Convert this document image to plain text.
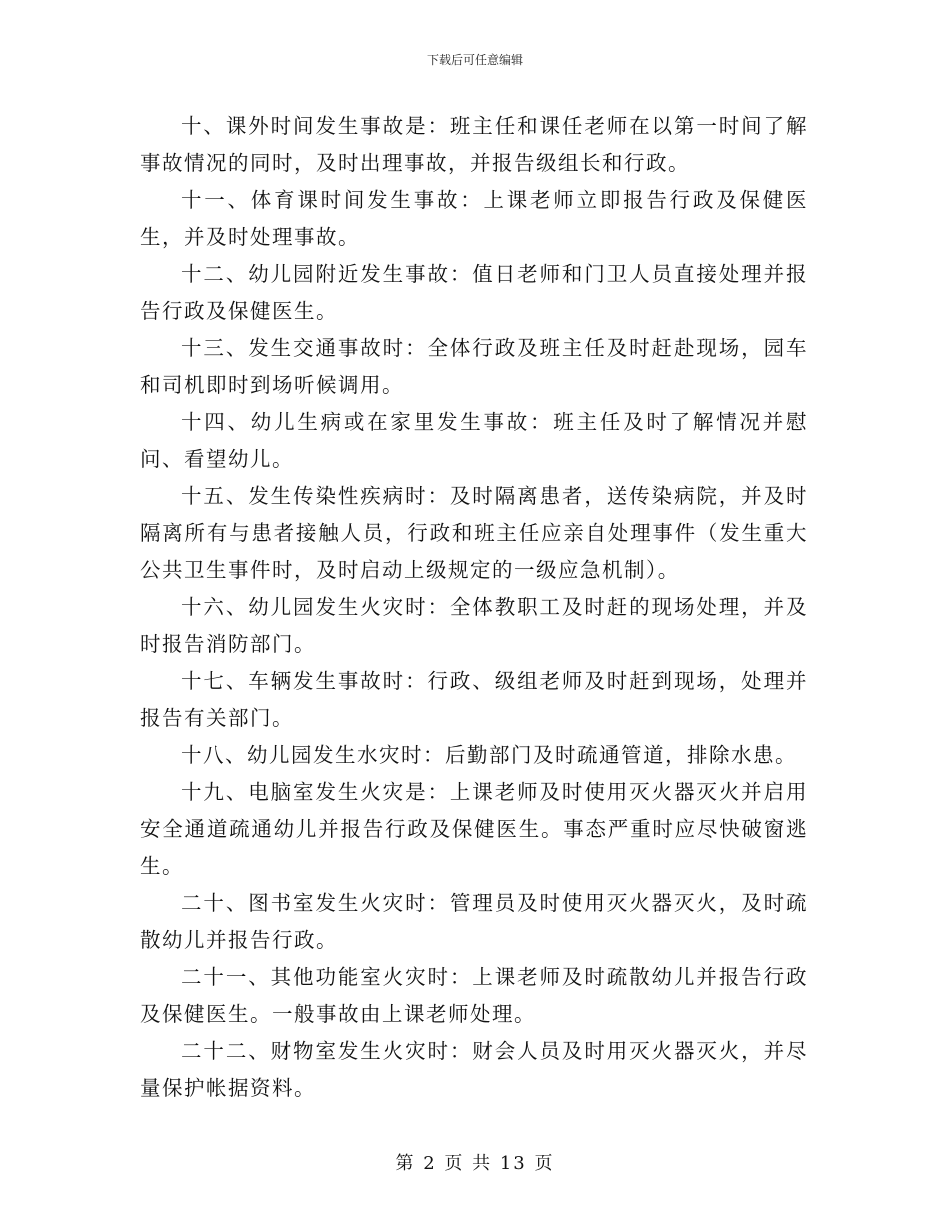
下载后可任意编辑

十、课外时间发生事故是：班主任和课任老师在以第一时间了解事故情况的同时，及时出理事故，并报告级组长和行政。

十一、体育课时间发生事故：上课老师立即报告行政及保健医生，并及时处理事故。

十二、幼儿园附近发生事故：值日老师和门卫人员直接处理并报告行政及保健医生。

十三、发生交通事故时：全体行政及班主任及时赶赴现场，园车和司机即时到场听候调用。

十四、幼儿生病或在家里发生事故：班主任及时了解情况并慰问、看望幼儿。

十五、发生传染性疾病时：及时隔离患者，送传染病院，并及时隔离所有与患者接触人员，行政和班主任应亲自处理事件（发生重大公共卫生事件时，及时启动上级规定的一级应急机制）。

十六、幼儿园发生火灾时：全体教职工及时赶的现场处理，并及时报告消防部门。

十七、车辆发生事故时：行政、级组老师及时赶到现场，处理并报告有关部门。

十八、幼儿园发生水灾时：后勤部门及时疏通管道，排除水患。

十九、电脑室发生火灾是：上课老师及时使用灭火器灭火并启用安全通道疏通幼儿并报告行政及保健医生。事态严重时应尽快破窗逃生。

二十、图书室发生火灾时：管理员及时使用灭火器灭火，及时疏散幼儿并报告行政。

二十一、其他功能室火灾时：上课老师及时疏散幼儿并报告行政及保健医生。一般事故由上课老师处理。

二十二、财物室发生火灾时：财会人员及时用灭火器灭火，并尽量保护帐据资料。

第 2 页 共 13 页
